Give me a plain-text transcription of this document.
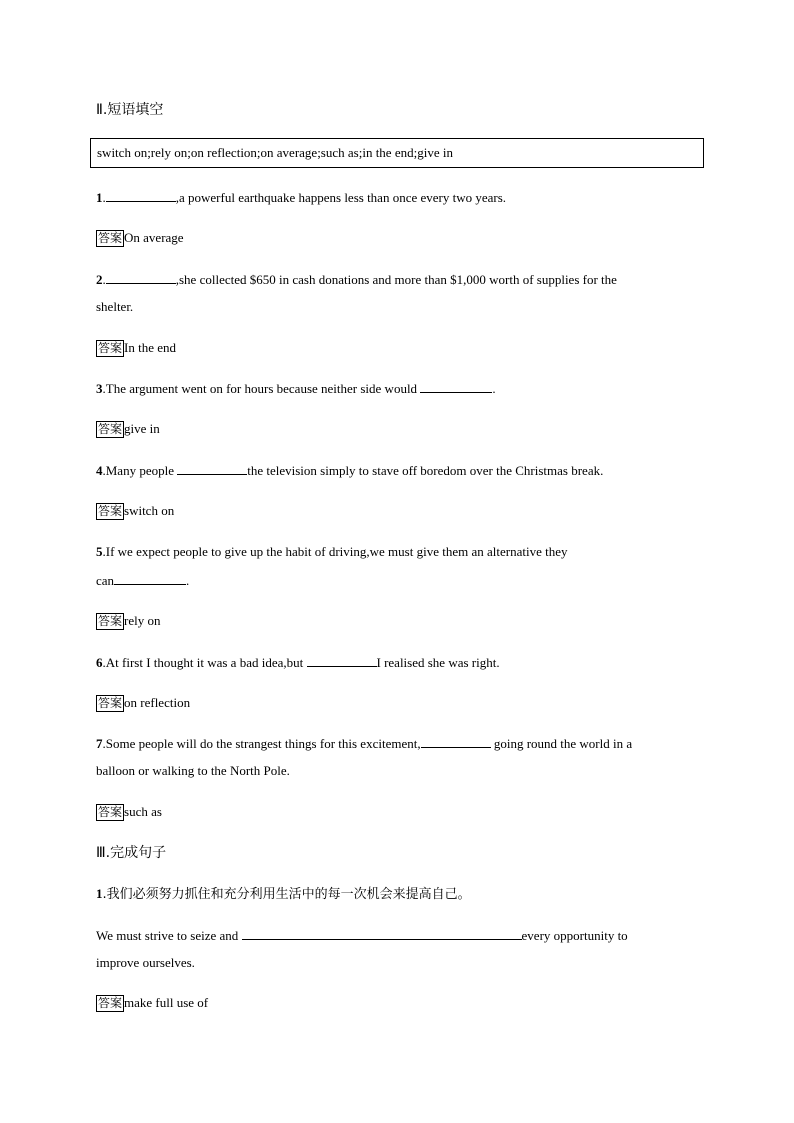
Ⅱ.短语填空
switch on;rely on;on reflection;on average;such as;in the end;give in
1.	,a powerful earthquake happens less than once every two years.
答案 On average
2.	,she collected $650 in cash donations and more than $1,000 worth of supplies for the
shelter.
答案 In the end
3.The argument went on for hours because neither side would	.
答案 give in
4.Many people	the television simply to stave off boredom over the Christmas break.
答案 switch on
5.If we expect people to give up the habit of driving,we must give them an alternative they
can	.
答案 rely on
6.At first I thought it was a bad idea,but	I realised she was right.
答案 on reflection
7.Some people will do the strangest things for this excitement,	going round the world in a
balloon or walking to the North Pole.
答案 such as
Ⅲ.完成句子
1.我们必须努力抓住和充分利用生活中的每一次机会来提高自己。
We must strive to seize and	every opportunity to
improve ourselves.
答案 make full use of
